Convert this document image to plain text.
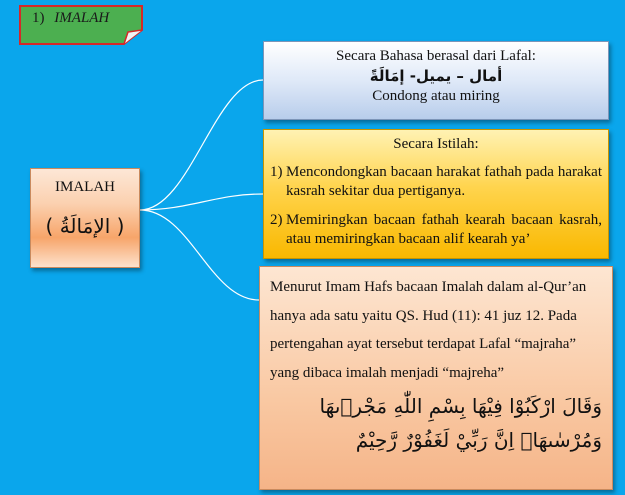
1) IMALAH
IMALAH
( الإمَالَةُ )
Secara Bahasa berasal dari Lafal:
أمال – يميل- إمَالَةً
Condong atau miring
Secara Istilah:
1) Mencondongkan bacaan harakat fathah pada harakat kasrah sekitar dua pertiganya.
2) Memiringkan bacaan fathah kearah bacaan kasrah, atau memiringkan bacaan alif kearah ya’
Menurut Imam Hafs bacaan Imalah dalam al-Qur’an hanya ada satu yaitu QS. Hud (11): 41 juz 12. Pada pertengahan ayat tersebut terdapat Lafal “majraha” yang dibaca imalah menjadi “majreha”
وَقَالَ ارْكَبُوْا فِيْهَا بِسْمِ اللّٰهِ مَجْرٖىهَا وَمُرْسٰىهَاۗ اِنَّ رَبِّيْ لَغَفُوْرٌ رَّحِيْمٌ
